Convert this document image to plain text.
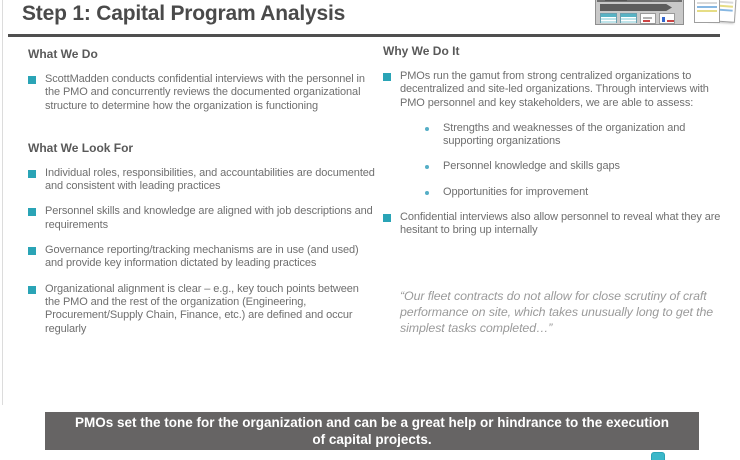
Step 1: Capital Program Analysis
What We Do
ScottMadden conducts confidential interviews with the personnel in the PMO and concurrently reviews the documented organizational structure to determine how the organization is functioning
What We Look For
Individual roles, responsibilities, and accountabilities are documented and consistent with leading practices
Personnel skills and knowledge are aligned with job descriptions and requirements
Governance reporting/tracking mechanisms are in use (and used) and provide key information dictated by leading practices
Organizational alignment is clear – e.g., key touch points between the PMO and the rest of the organization (Engineering, Procurement/Supply Chain, Finance, etc.) are defined and occur regularly
Why We Do It
PMOs run the gamut from strong centralized organizations to decentralized and site-led organizations. Through interviews with PMO personnel and key stakeholders, we are able to assess:
Strengths and weaknesses of the organization and supporting organizations
Personnel knowledge and skills gaps
Opportunities for improvement
Confidential interviews also allow personnel to reveal what they are hesitant to bring up internally
“Our fleet contracts do not allow for close scrutiny of craft performance on site, which takes unusually long to get the simplest tasks completed…”
PMOs set the tone for the organization and can be a great help or hindrance to the execution of capital projects.
